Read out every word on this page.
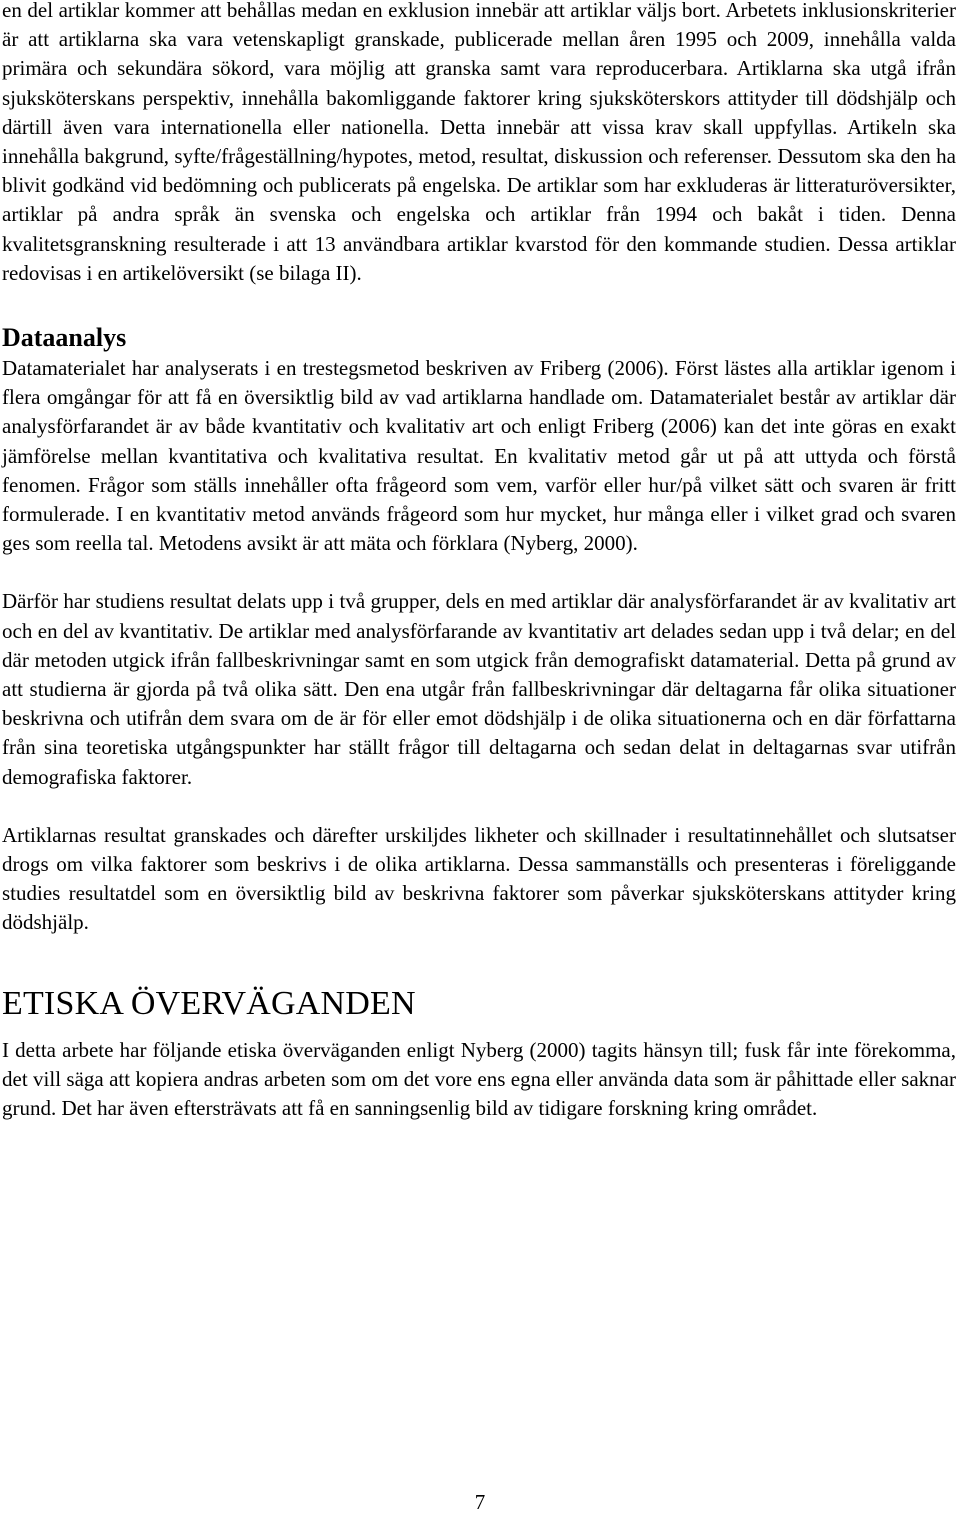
en del artiklar kommer att behållas medan en exklusion innebär att artiklar väljs bort. Arbetets inklusionskriterier är att artiklarna ska vara vetenskapligt granskade, publicerade mellan åren 1995 och 2009, innehålla valda primära och sekundära sökord, vara möjlig att granska samt vara reproducerbara. Artiklarna ska utgå ifrån sjuksköterskans perspektiv, innehålla bakomliggande faktorer kring sjuksköterskors attityder till dödshjälp och därtill även vara internationella eller nationella. Detta innebär att vissa krav skall uppfyllas. Artikeln ska innehålla bakgrund, syfte/frågeställning/hypotes, metod, resultat, diskussion och referenser. Dessutom ska den ha blivit godkänd vid bedömning och publicerats på engelska. De artiklar som har exkluderas är litteraturöversikter, artiklar på andra språk än svenska och engelska och artiklar från 1994 och bakåt i tiden. Denna kvalitetsgranskning resulterade i att 13 användbara artiklar kvarstod för den kommande studien. Dessa artiklar redovisas i en artikelöversikt (se bilaga II).

Dataanalys

Datamaterialet har analyserats i en trestegsmetod beskriven av Friberg (2006). Först lästes alla artiklar igenom i flera omgångar för att få en översiktlig bild av vad artiklarna handlade om. Datamaterialet består av artiklar där analysförfarandet är av både kvantitativ och kvalitativ art och enligt Friberg (2006) kan det inte göras en exakt jämförelse mellan kvantitativa och kvalitativa resultat. En kvalitativ metod går ut på att uttyda och förstå fenomen. Frågor som ställs innehåller ofta frågeord som vem, varför eller hur/på vilket sätt och svaren är fritt formulerade. I en kvantitativ metod används frågeord som hur mycket, hur många eller i vilket grad och svaren ges som reella tal. Metodens avsikt är att mäta och förklara (Nyberg, 2000).

Därför har studiens resultat delats upp i två grupper, dels en med artiklar där analysförfarandet är av kvalitativ art och en del av kvantitativ. De artiklar med analysförfarande av kvantitativ art delades sedan upp i två delar; en del där metoden utgick ifrån fallbeskrivningar samt en som utgick från demografiskt datamaterial. Detta på grund av att studierna är gjorda på två olika sätt. Den ena utgår från fallbeskrivningar där deltagarna får olika situationer beskrivna och utifrån dem svara om de är för eller emot dödshjälp i de olika situationerna och en där författarna från sina teoretiska utgångspunkter har ställt frågor till deltagarna och sedan delat in deltagarnas svar utifrån demografiska faktorer.

Artiklarnas resultat granskades och därefter urskiljdes likheter och skillnader i resultatinnehållet och slutsatser drogs om vilka faktorer som beskrivs i de olika artiklarna. Dessa sammanställs och presenteras i föreliggande studies resultatdel som en översiktlig bild av beskrivna faktorer som påverkar sjuksköterskans attityder kring dödshjälp.

ETISKA ÖVERVÄGANDEN

I detta arbete har följande etiska överväganden enligt Nyberg (2000) tagits hänsyn till; fusk får inte förekomma, det vill säga att kopiera andras arbeten som om det vore ens egna eller använda data som är påhittade eller saknar grund. Det har även eftersträvats att få en sanningsenlig bild av tidigare forskning kring området.

7
